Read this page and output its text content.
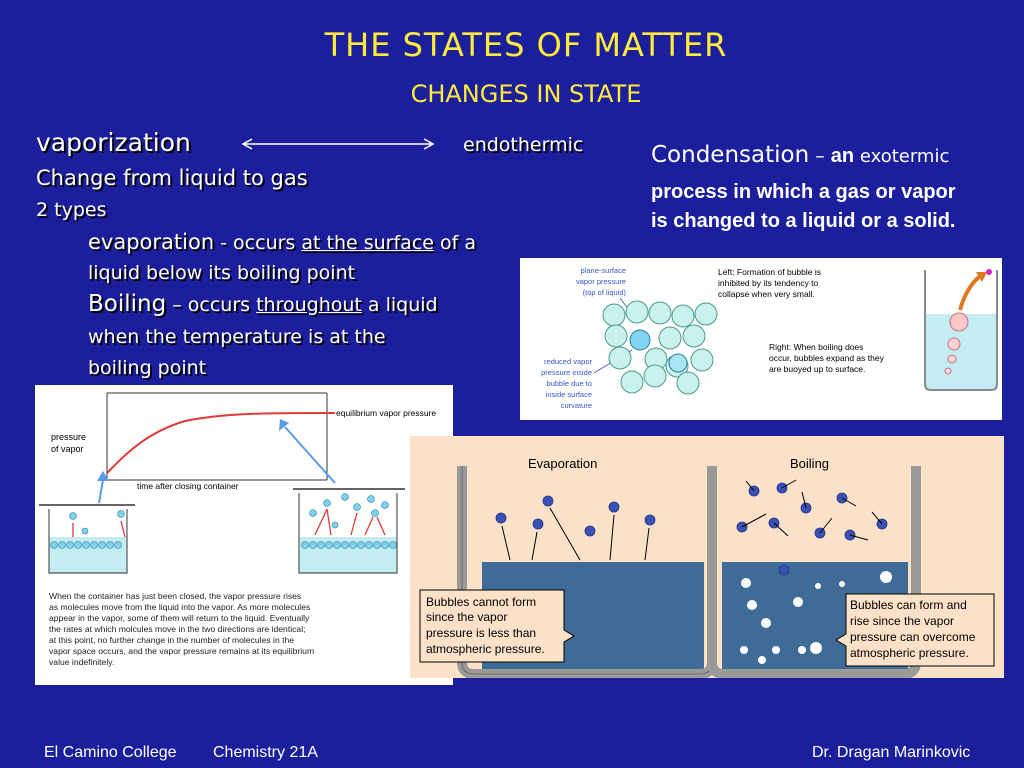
THE STATES OF MATTER
CHANGES IN STATE
vaporization	endothermic
Change from liquid to gas
2 types
evaporation - occurs at the surface of a
liquid below its boiling point
Boiling – occurs throughout a liquid
when the temperature is at the
boiling point
Condensation – an exotermic
process in which a gas or vapor
is changed to a liquid or a solid.
plane-surface
vapor pressure
(top of liquid)
reduced vapor
pressure inside
bubble due to
inside surface
curvature
Left: Formation of bubble is
inhibited by its tendency to
collapse when very small.
Right: When boiling does
occur, bubbles expand as they
are buoyed up to surface.
pressure
of vapor
equilibrium vapor pressure
time after closing container
When the container has just been closed, the vapor pressure rises
as molecules move from the liquid into the vapor. As more molecules
appear in the vapor, some of them will return to the liquid. Eventually
the rates at which molcules move in the two directions are identical;
at this point, no further change in the number of molecules in the
vapor space occurs, and the vapor pressure remains at its equilibrium
value indefinitely.
Evaporation	Boiling
Bubbles cannot form
since the vapor
pressure is less than
atmospheric pressure.
Bubbles can form and
rise since the vapor
pressure can overcome
atmospheric pressure.
El Camino College Chemistry 21A	Dr. Dragan Marinkovic
